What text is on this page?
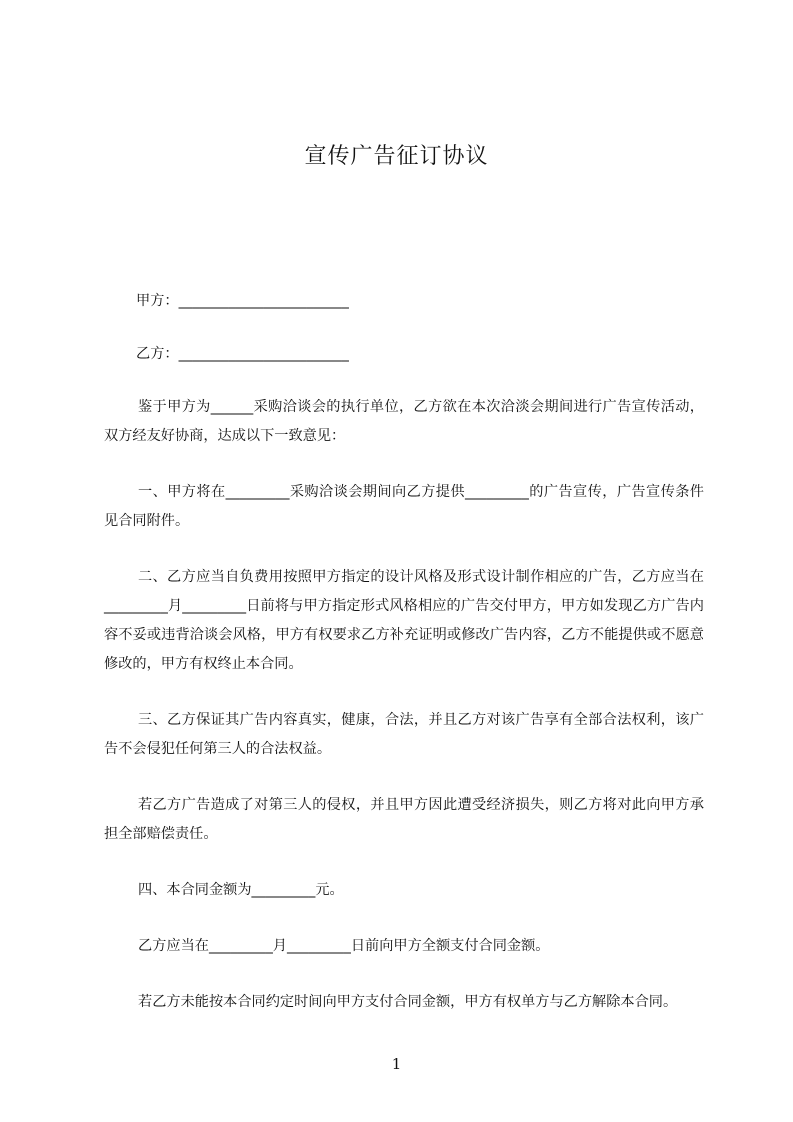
宣传广告征订协议
甲方：________________________
乙方：________________________
鉴于甲方为______采购洽谈会的执行单位，乙方欲在本次洽淡会期间进行广告宣传活动，双方经友好协商，达成以下一致意见：
一、甲方将在_________采购洽谈会期间向乙方提供_________的广告宣传，广告宣传条件见合同附件。
二、乙方应当自负费用按照甲方指定的设计风格及形式设计制作相应的广告，乙方应当在_________月_________日前将与甲方指定形式风格相应的广告交付甲方，甲方如发现乙方广告内容不妥或违背洽谈会风格，甲方有权要求乙方补充证明或修改广告内容，乙方不能提供或不愿意修改的，甲方有权终止本合同。
三、乙方保证其广告内容真实，健康，合法，并且乙方对该广告享有全部合法权利，该广告不会侵犯任何第三人的合法权益。
若乙方广告造成了对第三人的侵权，并且甲方因此遭受经济损失，则乙方将对此向甲方承担全部赔偿责任。
四、本合同金额为_________元。
乙方应当在_________月_________日前向甲方全额支付合同金额。
若乙方未能按本合同约定时间向甲方支付合同金额，甲方有权单方与乙方解除本合同。
1
